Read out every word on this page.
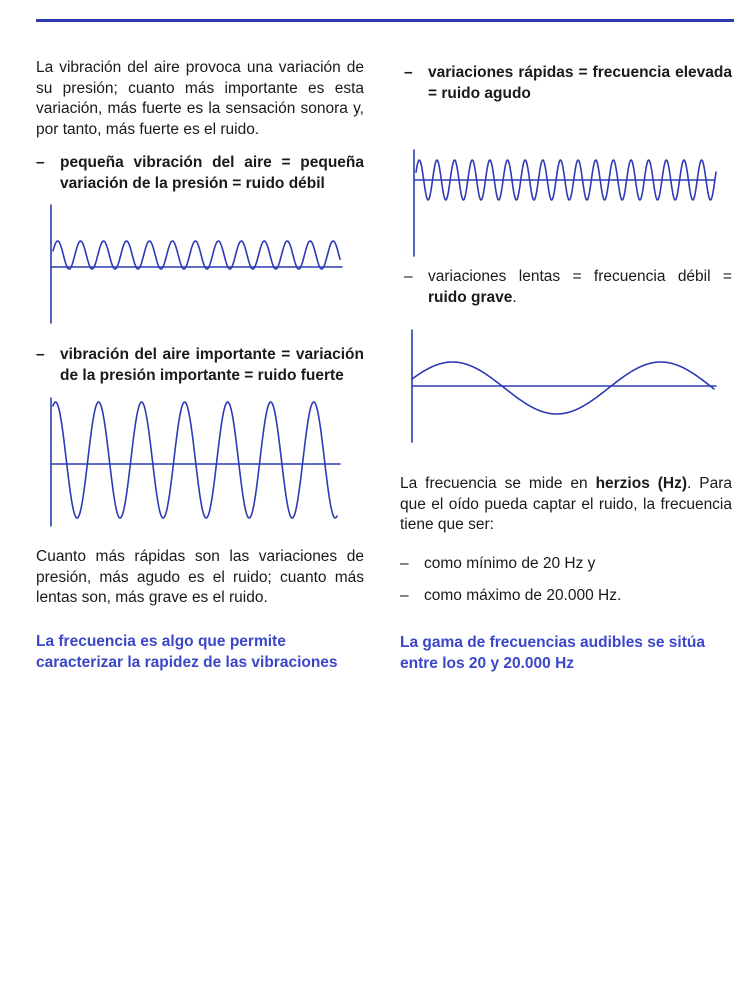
La vibración del aire provoca una variación de su presión; cuanto más importante es esta variación, más fuerte es la sensación sonora y, por tanto, más fuerte es el ruido.

– pequeña vibración del aire = pequeña variación de la presión = ruido débil
– vibración del aire importante = variación de la presión importante = ruido fuerte

Cuanto más rápidas son las variaciones de presión, más agudo es el ruido; cuanto más lentas son, más grave es el ruido.

La frecuencia es algo que permite caracterizar la rapidez de las vibraciones

– variaciones rápidas = frecuencia elevada = ruido agudo
– variaciones lentas = frecuencia débil = ruido grave.

La frecuencia se mide en herzios (Hz). Para que el oído pueda captar el ruido, la frecuencia tiene que ser:

– como mínimo de 20 Hz y
– como máximo de 20.000 Hz.

La gama de frecuencias audibles se sitúa entre los 20 y 20.000 Hz
